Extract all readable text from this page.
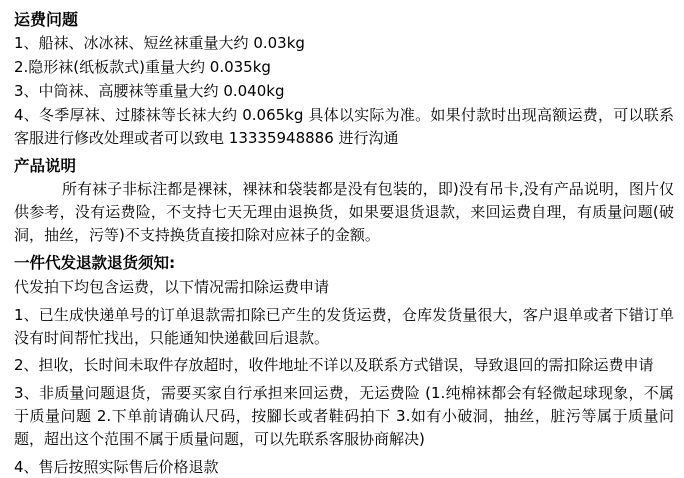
运费问题
1、船袜、冰冰袜、短丝袜重量大约 0.03kg
2.隐形袜(纸板款式)重量大约 0.035kg
3、中筒袜、高腰袜等重量大约 0.040kg
4、冬季厚袜、过膝袜等长袜大约 0.065kg 具体以实际为准。如果付款时出现高额运费，可以联系客服进行修改处理或者可以致电 13335948886 进行沟通
产品说明
所有袜子非标注都是裸袜，裸袜和袋装都是没有包装的，即)没有吊卡,没有产品说明，图片仅供参考，没有运费险，不支持七天无理由退换货，如果要退货退款，来回运费自理，有质量问题(破洞，抽丝，污等)不支持换货直接扣除对应袜子的金额。
一件代发退款退货须知:
代发拍下均包含运费，以下情况需扣除运费申请
1、已生成快递单号的订单退款需扣除已产生的发货运费，仓库发货量很大，客户退单或者下错订单没有时间帮忙找出，只能通知快递截回后退款。
2、担收，长时间未取件存放超时，收件地址不详以及联系方式错误，导致退回的需扣除运费申请
3、非质量问题退货，需要买家自行承担来回运费，无运费险 (1.纯棉袜都会有轻微起球现象，不属于质量问题 2.下单前请确认尺码，按腳长或者鞋码拍下 3.如有小破洞，抽丝，脏污等属于质量问题，超出这个范围不属于质量问题，可以先联系客服协商解决)
4、售后按照实际售后价格退款
